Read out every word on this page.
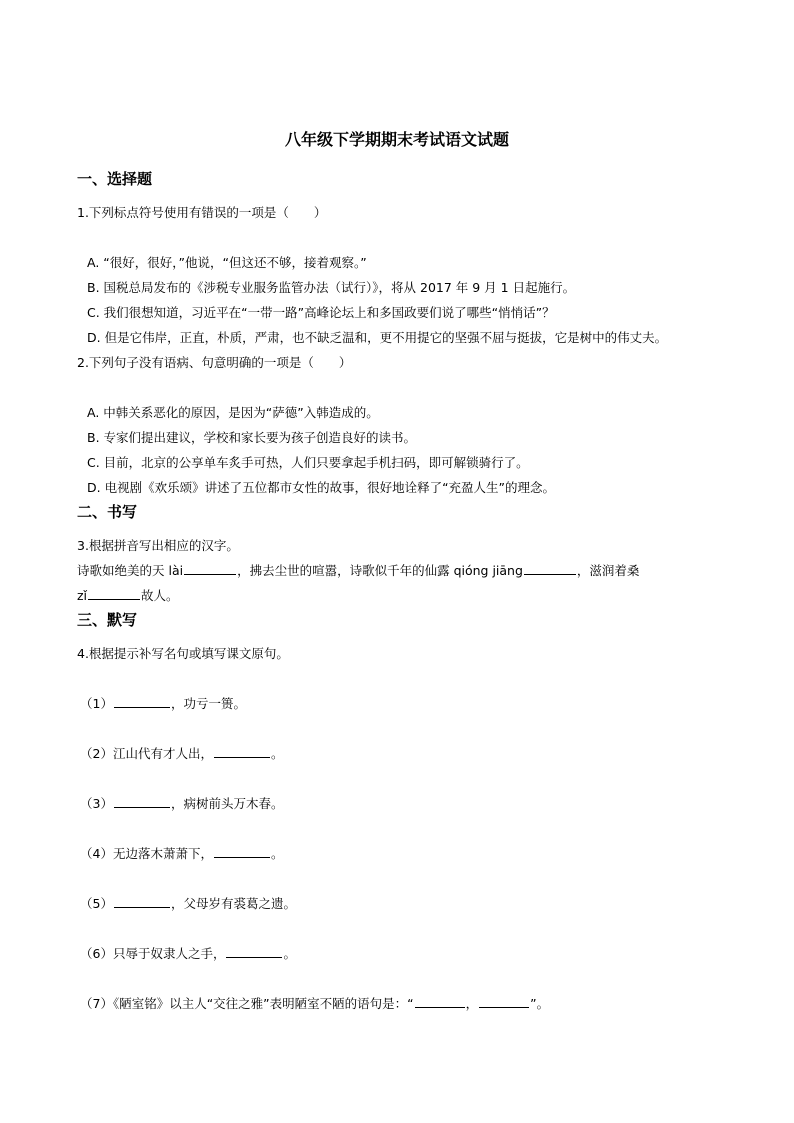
八年级下学期期末考试语文试题
一、选择题
1.下列标点符号使用有错误的一项是（　　）
A. “很好，很好，”他说，“但这还不够，接着观察。”
B. 国税总局发布的《涉税专业服务监管办法（试行）》，将从 2017 年 9 月 1 日起施行。
C. 我们很想知道，习近平在“一带一路”高峰论坛上和多国政要们说了哪些“悄悄话”？
D. 但是它伟岸，正直，朴质，严肃，也不缺乏温和，更不用提它的坚强不屈与挺拔，它是树中的伟丈夫。
2.下列句子没有语病、句意明确的一项是（　　）
A. 中韩关系恶化的原因，是因为“萨德”入韩造成的。
B. 专家们提出建议，学校和家长要为孩子创造良好的读书。
C. 目前，北京的公享单车炙手可热，人们只要拿起手机扫码，即可解锁骑行了。
D. 电视剧《欢乐颂》讲述了五位都市女性的故事，很好地诠释了“充盈人生”的理念。
二、书写
3.根据拼音写出相应的汉字。
诗歌如绝美的天 lài	，拂去尘世的喧嚣，诗歌似千年的仙露 qióng jiāng	，滋润着桑
zǐ	故人。
三、默写
4.根据提示补写名句或填写课文原句。
（1）	，功亏一篑。
（2）江山代有才人出，	。
（3）	，病树前头万木春。
（4）无边落木萧萧下，	。
（5）	，父母岁有裘葛之遗。
（6）只辱于奴隶人之手，	。
（7）《陋室铭》以主人“交往之雅”表明陋室不陋的语句是：“	，	”。
